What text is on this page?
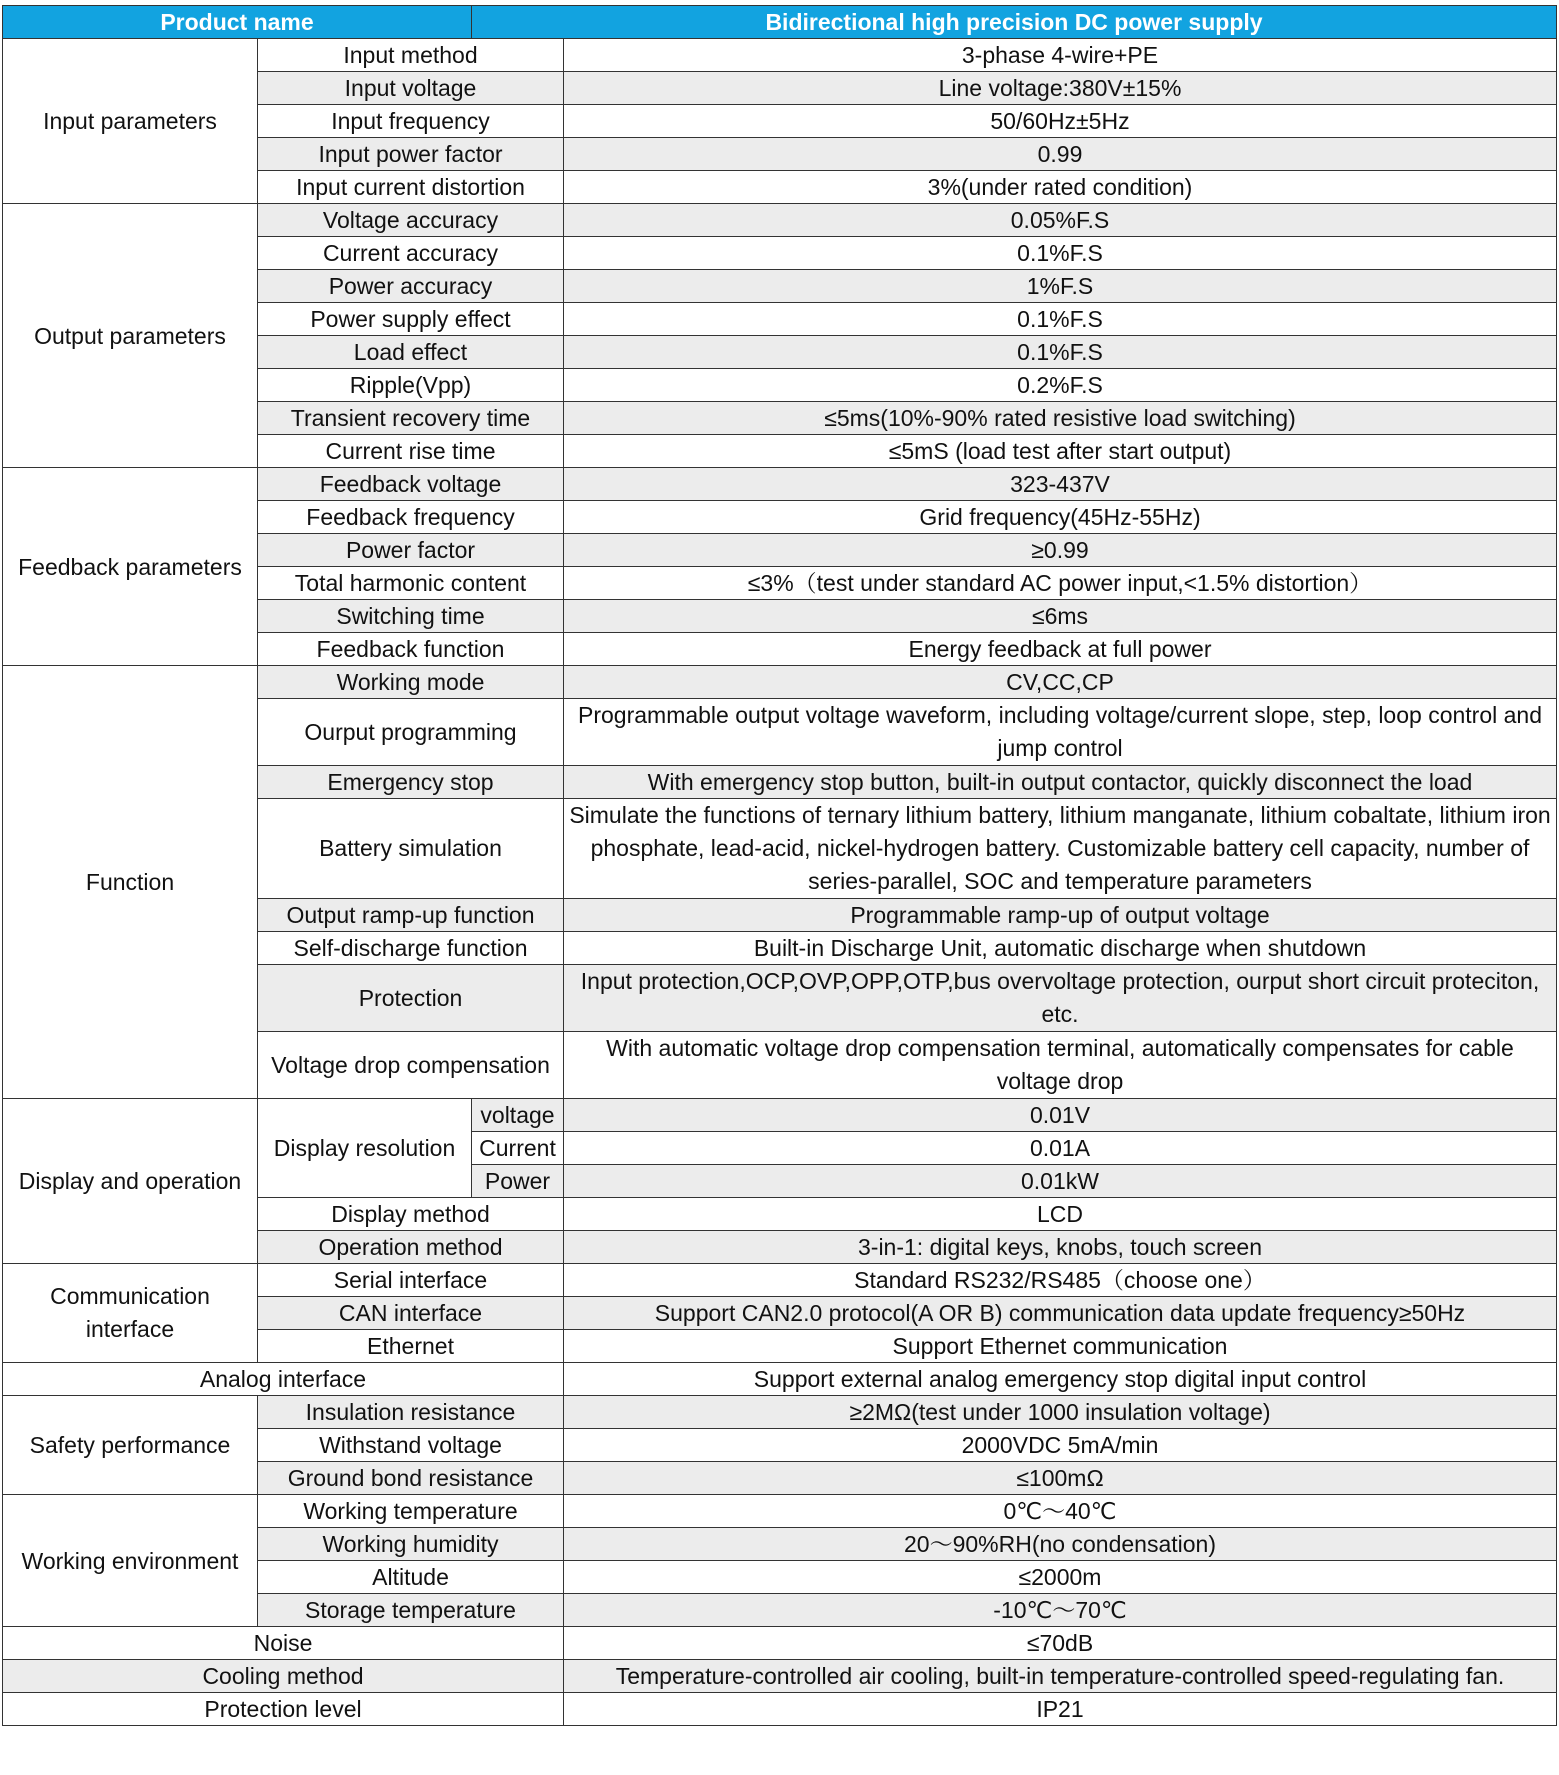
Product name		Bidirectional high precision DC power supply	
Input parameters	Input method		3-phase 4-wire+PE
	Input voltage		Line voltage:380V±15%
	Input frequency		50/60Hz±5Hz
	Input power factor		0.99
	Input current distortion		3%(under rated condition)
Output parameters	Voltage accuracy		0.05%F.S
	Current accuracy		0.1%F.S
	Power accuracy		1%F.S
	Power supply effect		0.1%F.S
	Load effect		0.1%F.S
	Ripple(Vpp)		0.2%F.S
	Transient recovery time		≤5ms(10%-90% rated resistive load switching)
	Current rise time		≤5mS (load test after start output)
Feedback parameters	Feedback voltage		323-437V
	Feedback frequency		Grid frequency(45Hz-55Hz)
	Power factor		≥0.99
	Total harmonic content		≤3%（test under standard AC power input,<1.5% distortion）
	Switching time		≤6ms
	Feedback function		Energy feedback at full power
Function	Working mode		CV,CC,CP
	Ourput programming		Programmable output voltage waveform, including voltage/current slope, step, loop control and jump control
	Emergency stop		With emergency stop button, built-in output contactor, quickly disconnect the load
	Battery simulation		Simulate the functions of ternary lithium battery, lithium manganate, lithium cobaltate, lithium iron phosphate, lead-acid, nickel-hydrogen battery. Customizable battery cell capacity, number of series-parallel, SOC and temperature parameters
	Output ramp-up function		Programmable ramp-up of output voltage
	Self-discharge function		Built-in Discharge Unit, automatic discharge when shutdown
	Protection		Input protection,OCP,OVP,OPP,OTP,bus overvoltage protection, ourput short circuit proteciton, etc.
	Voltage drop compensation		With automatic voltage drop compensation terminal, automatically compensates for cable voltage drop
Display and operation	Display resolution	voltage	0.01V
		Current	0.01A
		Power	0.01kW
	Display method		LCD
	Operation method		3-in-1: digital keys, knobs, touch screen
Communication interface	Serial interface		Standard RS232/RS485（choose one）
	CAN interface		Support CAN2.0 protocol(A OR B) communication data update frequency≥50Hz
	Ethernet		Support Ethernet communication
Analog interface			Support external analog emergency stop digital input control
Safety performance	Insulation resistance		≥2MΩ(test under 1000 insulation voltage)
	Withstand voltage		2000VDC 5mA/min
	Ground bond resistance		≤100mΩ
Working environment	Working temperature		0℃～40℃
	Working humidity		20～90%RH(no condensation)
	Altitude		≤2000m
	Storage temperature		-10℃～70℃
Noise			≤70dB
Cooling method			Temperature-controlled air cooling, built-in temperature-controlled speed-regulating fan.
Protection level			IP21
